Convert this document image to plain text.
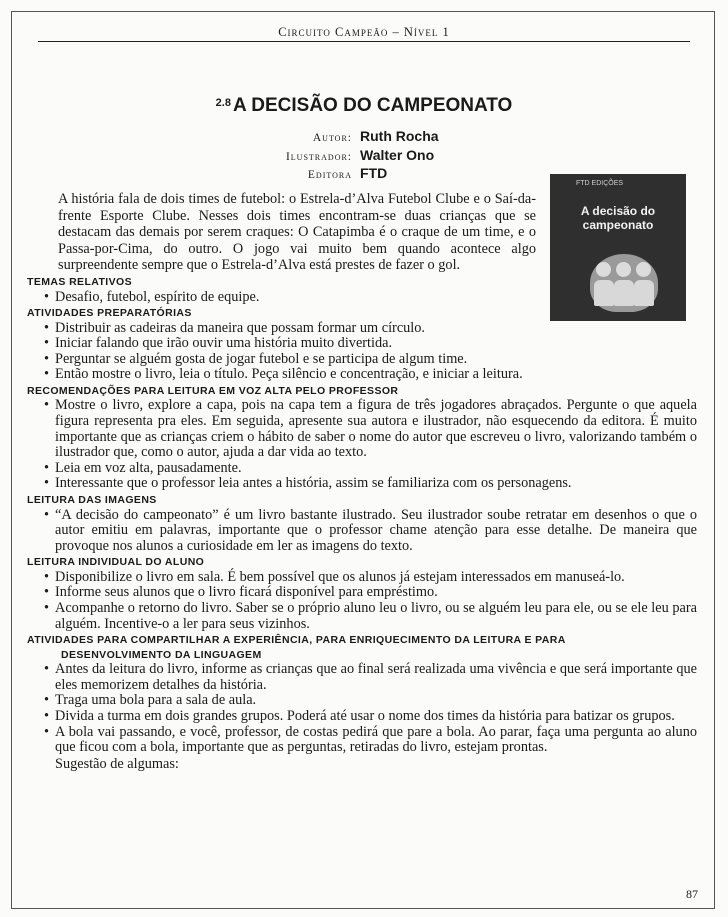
Circuito Campeão – Nível 1
$^{2.8}$ A DECISÃO DO CAMPEONATO
Autor: Ruth Rocha
Ilustrador: Walter Ono
Editora FTD

A história fala de dois times de futebol: o Estrela-d’Alva Futebol Clube e o Saí-da-frente Esporte Clube. Nesses dois times encontram-se duas crianças que se destacam das demais por serem craques: O Catapimba é o craque de um time, e o Passa-por-Cima, do outro. O jogo vai muito bem quando acontece algo surpreendente sempre que o Estrela-d’Alva está prestes de fazer o gol.

FTD EDIÇÕES
A decisão do campeonato
TEMAS RELATIVOS
• Desafio, futebol, espírito de equipe.
ATIVIDADES PREPARATÓRIAS
• Distribuir as cadeiras da maneira que possam formar um círculo.
• Iniciar falando que irão ouvir uma história muito divertida.
• Perguntar se alguém gosta de jogar futebol e se participa de algum time.
• Então mostre o livro, leia o título. Peça silêncio e concentração, e iniciar a leitura.
RECOMENDAÇÕES PARA LEITURA EM VOZ ALTA PELO PROFESSOR
• Mostre o livro, explore a capa, pois na capa tem a figura de três jogadores abraçados. Pergunte o que aquela figura representa pra eles. Em seguida, apresente sua autora e ilustrador, não esquecendo da editora. É muito importante que as crianças criem o hábito de saber o nome do autor que escreveu o livro, valorizando também o ilustrador que, como o autor, ajuda a dar vida ao texto.
• Leia em voz alta, pausadamente.
• Interessante que o professor leia antes a história, assim se familiariza com os personagens.
LEITURA DAS IMAGENS
• “A decisão do campeonato” é um livro bastante ilustrado. Seu ilustrador soube retratar em desenhos o que o autor emitiu em palavras, importante que o professor chame atenção para esse detalhe. De maneira que provoque nos alunos a curiosidade em ler as imagens do texto.
LEITURA INDIVIDUAL DO ALUNO
• Disponibilize o livro em sala. É bem possível que os alunos já estejam interessados em manuseá-lo.
• Informe seus alunos que o livro ficará disponível para empréstimo.
• Acompanhe o retorno do livro. Saber se o próprio aluno leu o livro, ou se alguém leu para ele, ou se ele leu para alguém. Incentive-o a ler para seus vizinhos.
ATIVIDADES PARA COMPARTILHAR A EXPERIÊNCIA, PARA ENRIQUECIMENTO DA LEITURA E PARA
DESENVOLVIMENTO DA LINGUAGEM
• Antes da leitura do livro, informe as crianças que ao final será realizada uma vivência e que será importante que eles memorizem detalhes da história.
• Traga uma bola para a sala de aula.
• Divida a turma em dois grandes grupos. Poderá até usar o nome dos times da história para batizar os grupos.
• A bola vai passando, e você, professor, de costas pedirá que pare a bola. Ao parar, faça uma pergunta ao aluno que ficou com a bola, importante que as perguntas, retiradas do livro, estejam prontas.
Sugestão de algumas:
87
